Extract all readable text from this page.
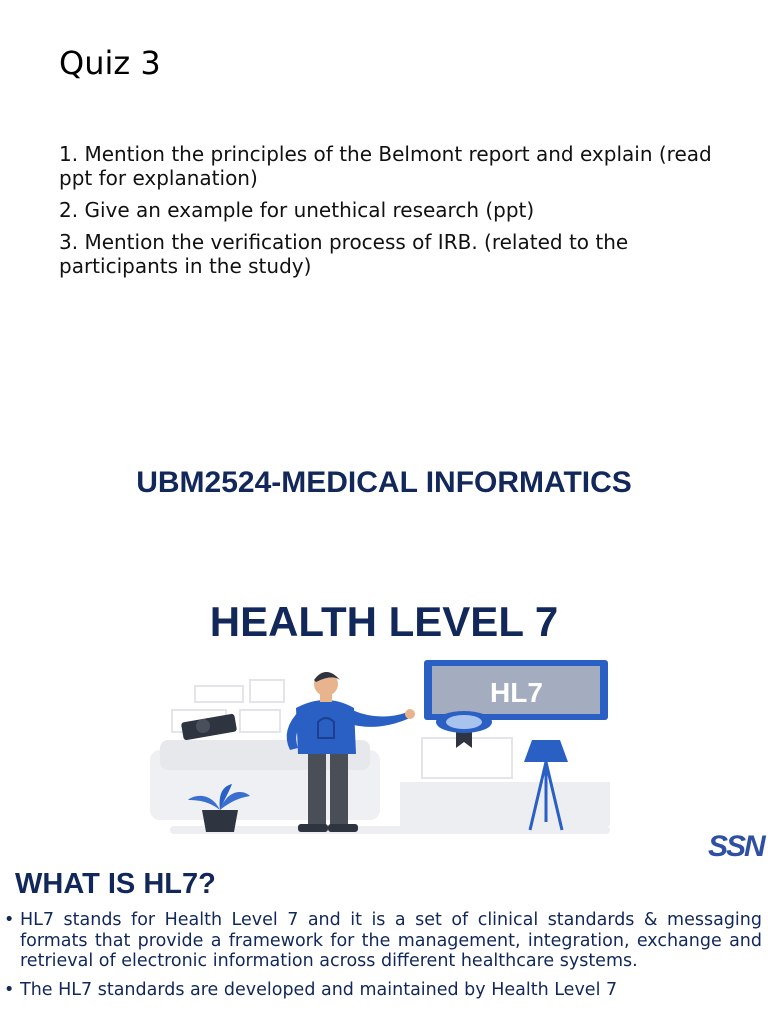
Quiz 3

1. Mention the principles of the Belmont report and explain (read ppt for explanation)

2. Give an example for unethical research (ppt)

3. Mention the verification process of IRB. (related to the participants in the study)

UBM2524-MEDICAL INFORMATICS
HEALTH LEVEL 7
HL7
SSN
WHAT IS HL7?
• HL7 stands for Health Level 7 and it is a set of clinical standards & messaging formats that provide a framework for the management, integration, exchange and retrieval of electronic information across different healthcare systems.
• The HL7 standards are developed and maintained by Health Level 7
